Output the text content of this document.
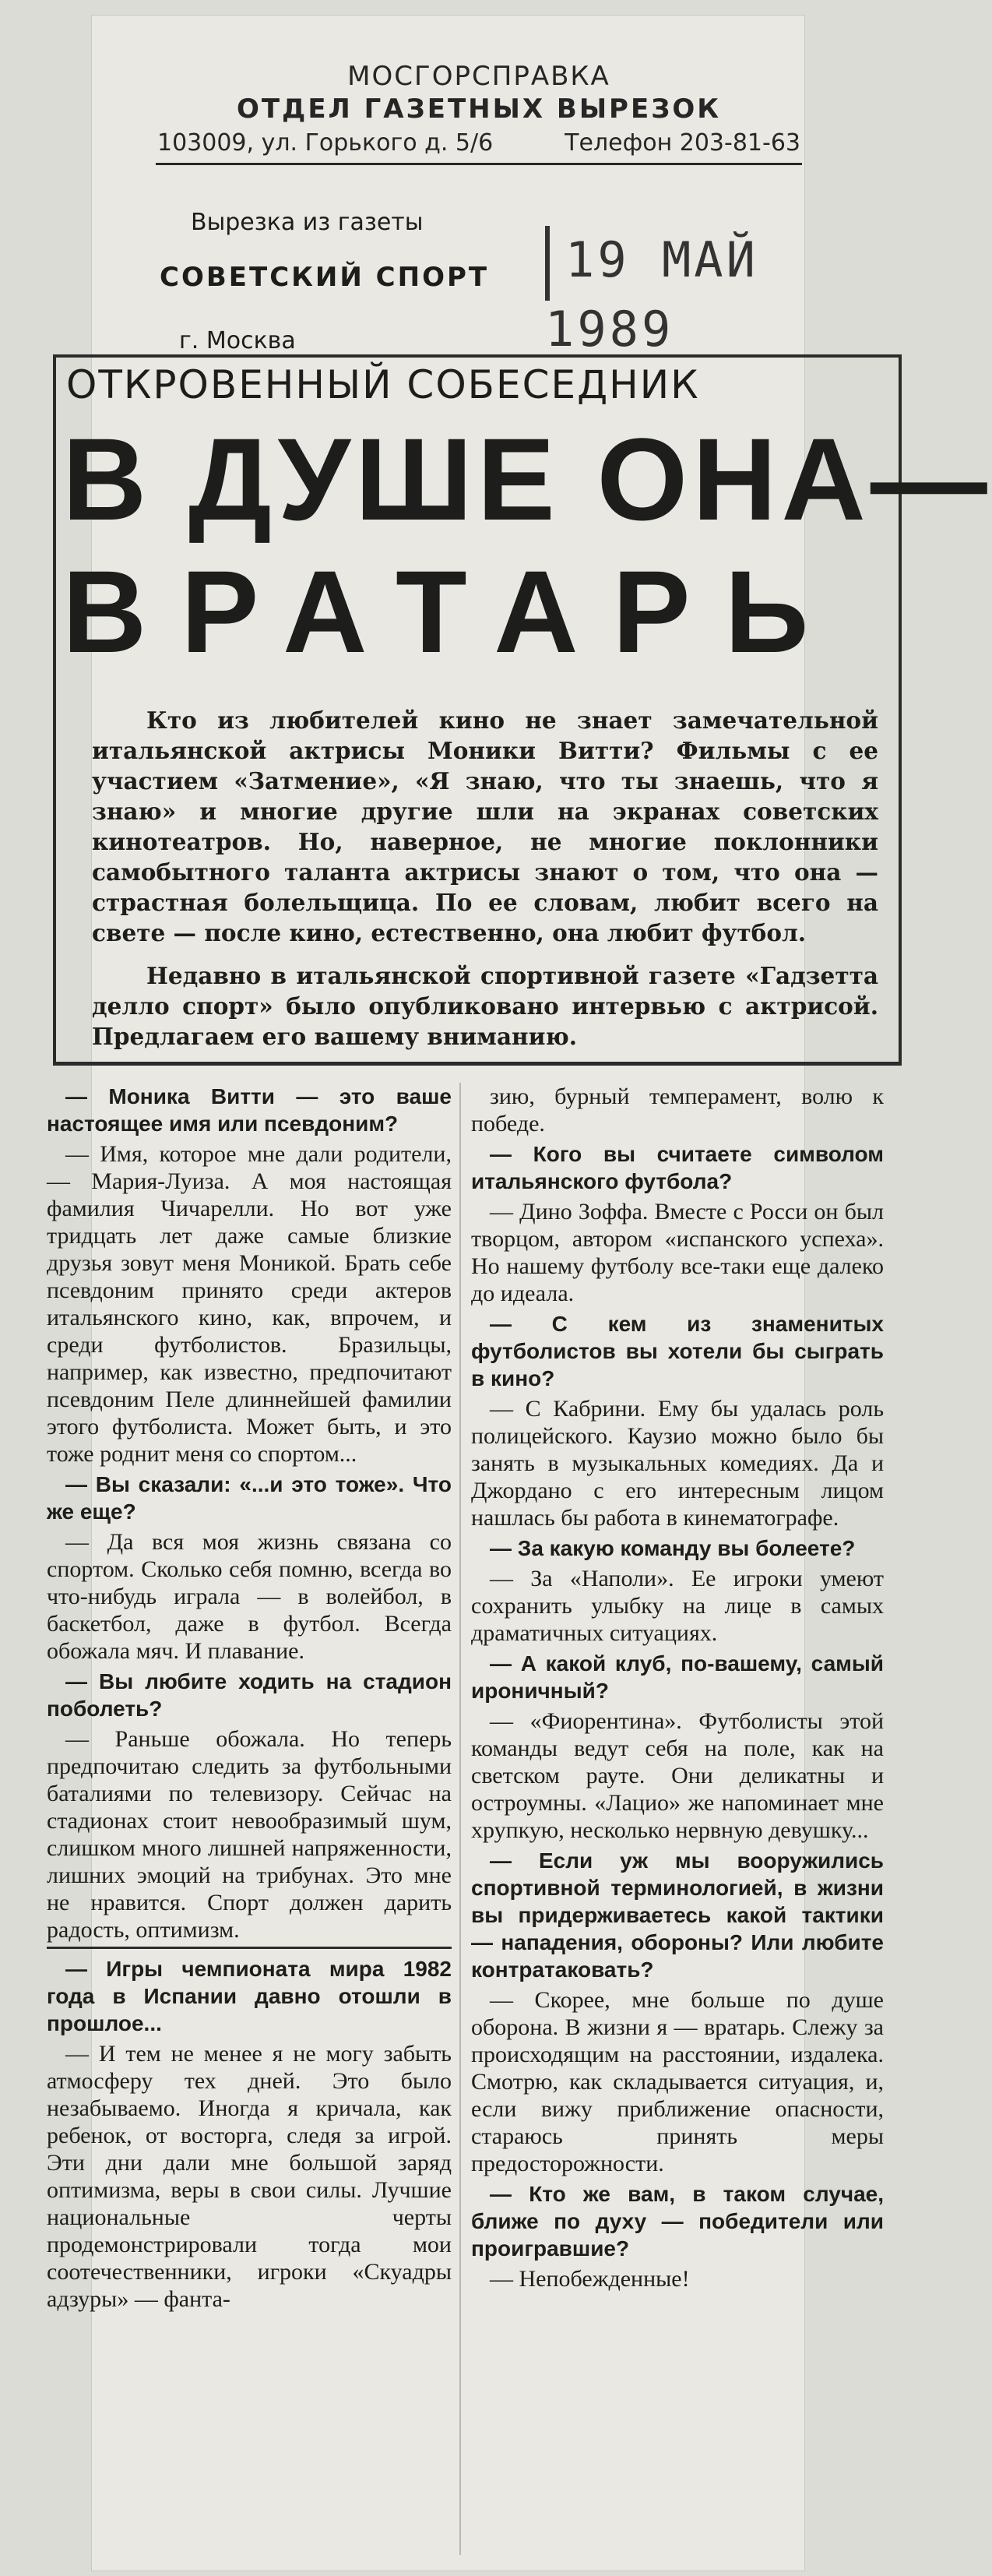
МОСГОРСПРАВКА
ОТДЕЛ ГАЗЕТНЫХ ВЫРЕЗОК
103009, ул. Горького д. 5/6	Телефон 203-81-63
Вырезка из газеты
СОВЕТСКИЙ СПОРТ	19 МАЙ 1989
г. Москва
ОТКРОВЕННЫЙ СОБЕСЕДНИК
В ДУШЕ ОНА—
ВРАТАРЬ

Кто из любителей кино не знает замечательной итальянской актрисы Моники Витти? Фильмы с ее участием «Затмение», «Я знаю, что ты знаешь, что я знаю» и многие другие шли на экранах советских кинотеатров. Но, наверное, не многие поклонники самобытного таланта актрисы знают о том, что она — страстная болельщица. По ее словам, любит всего на свете — после кино, естественно, она любит футбол.

Недавно в итальянской спортивной газете «Гадзетта делло спорт» было опубликовано интервью с актрисой. Предлагаем его вашему вниманию.

— Моника Витти — это ваше настоящее имя или псевдоним?

— Имя, которое мне дали родители, — Мария-Луиза. А моя настоящая фамилия Чичарелли. Но вот уже тридцать лет даже самые близкие друзья зовут меня Моникой. Брать себе псевдоним принято среди актеров итальянского кино, как, впрочем, и среди футболистов. Бразильцы, например, как известно, предпочитают псевдоним Пеле длиннейшей фамилии этого футболиста. Может быть, и это тоже роднит меня со спортом...

— Вы сказали: «...и это тоже». Что же еще?

— Да вся моя жизнь связана со спортом. Сколько себя помню, всегда во что-нибудь играла — в волейбол, в баскетбол, даже в футбол. Всегда обожала мяч. И плавание.

— Вы любите ходить на стадион поболеть?

— Раньше обожала. Но теперь предпочитаю следить за футбольными баталиями по телевизору. Сейчас на стадионах стоит невообразимый шум, слишком много лишней напряженности, лишних эмоций на трибунах. Это мне не нравится. Спорт должен дарить радость, оптимизм.

— Игры чемпионата мира 1982 года в Испании давно отошли в прошлое...

— И тем не менее я не могу забыть атмосферу тех дней. Это было незабываемо. Иногда я кричала, как ребенок, от восторга, следя за игрой. Эти дни дали мне большой заряд оптимизма, веры в свои силы. Лучшие национальные черты продемонстрировали тогда мои соотечественники, игроки «Скуадры адзуры» — фанта-

зию, бурный темперамент, волю к победе.

— Кого вы считаете символом итальянского футбола?

— Дино Зоффа. Вместе с Росси он был творцом, автором «испанского успеха». Но нашему футболу все-таки еще далеко до идеала.

— С кем из знаменитых футболистов вы хотели бы сыграть в кино?

— С Кабрини. Ему бы удалась роль полицейского. Каузио можно было бы занять в музыкальных комедиях. Да и Джордано с его интересным лицом нашлась бы работа в кинематографе.

— За какую команду вы болеете?

— За «Наполи». Ее игроки умеют сохранить улыбку на лице в самых драматичных ситуациях.

— А какой клуб, по-вашему, самый ироничный?

— «Фиорентина». Футболисты этой команды ведут себя на поле, как на светском рауте. Они деликатны и остроумны. «Лацио» же напоминает мне хрупкую, несколько нервную девушку...

— Если уж мы вооружились спортивной терминологией, в жизни вы придерживаетесь какой тактики — нападения, обороны? Или любите контратаковать?

— Скорее, мне больше по душе оборона. В жизни я — вратарь. Слежу за происходящим на расстоянии, издалека. Смотрю, как складывается ситуация, и, если вижу приближение опасности, стараюсь принять меры предосторожности.

— Кто же вам, в таком случае, ближе по духу — победители или проигравшие?

— Непобежденные!
